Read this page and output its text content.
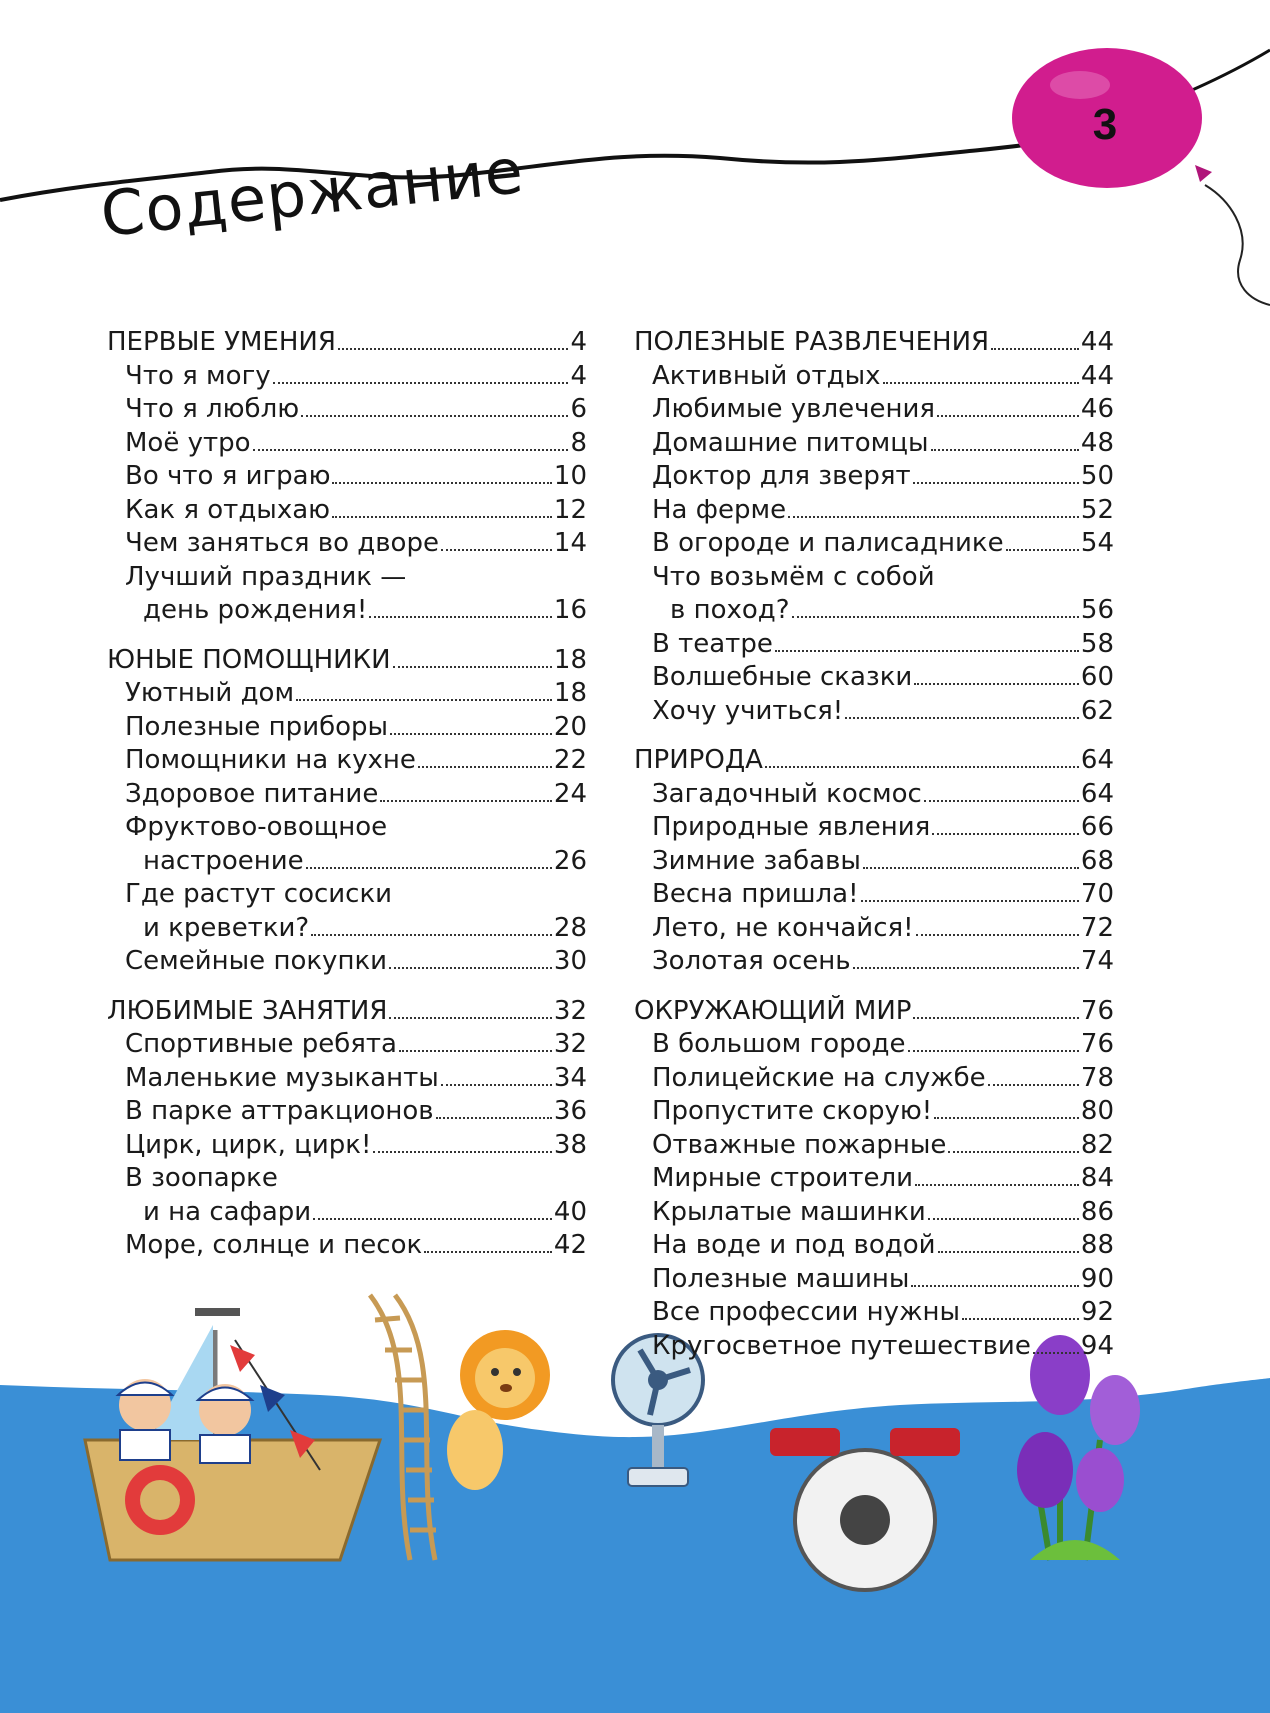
Содержание
3
ПЕРВЫЕ УМЕНИЯ	4
Что я могу	4
Что я люблю	6
Моё утро	8
Во что я играю	10
Как я отдыхаю	12
Чем заняться во дворе	14
Лучший праздник —
день рождения!	16
ЮНЫЕ ПОМОЩНИКИ	18
Уютный дом	18
Полезные приборы	20
Помощники на кухне	22
Здоровое питание	24
Фруктово-овощное
настроение	26
Где растут сосиски
и креветки?	28
Семейные покупки	30
ЛЮБИМЫЕ ЗАНЯТИЯ	32
Спортивные ребята	32
Маленькие музыканты	34
В парке аттракционов	36
Цирк, цирк, цирк!	38
В зоопарке
и на сафари	40
Море, солнце и песок	42
ПОЛЕЗНЫЕ РАЗВЛЕЧЕНИЯ	44
Активный отдых	44
Любимые увлечения	46
Домашние питомцы	48
Доктор для зверят	50
На ферме	52
В огороде и палисаднике	54
Что возьмём с собой
в поход?	56
В театре	58
Волшебные сказки	60
Хочу учиться!	62
ПРИРОДА	64
Загадочный космос	64
Природные явления	66
Зимние забавы	68
Весна пришла!	70
Лето, не кончайся!	72
Золотая осень	74
ОКРУЖАЮЩИЙ МИР	76
В большом городе	76
Полицейские на службе	78
Пропустите скорую!	80
Отважные пожарные	82
Мирные строители	84
Крылатые машинки	86
На воде и под водой	88
Полезные машины	90
Все профессии нужны	92
Кругосветное путешествие 94
